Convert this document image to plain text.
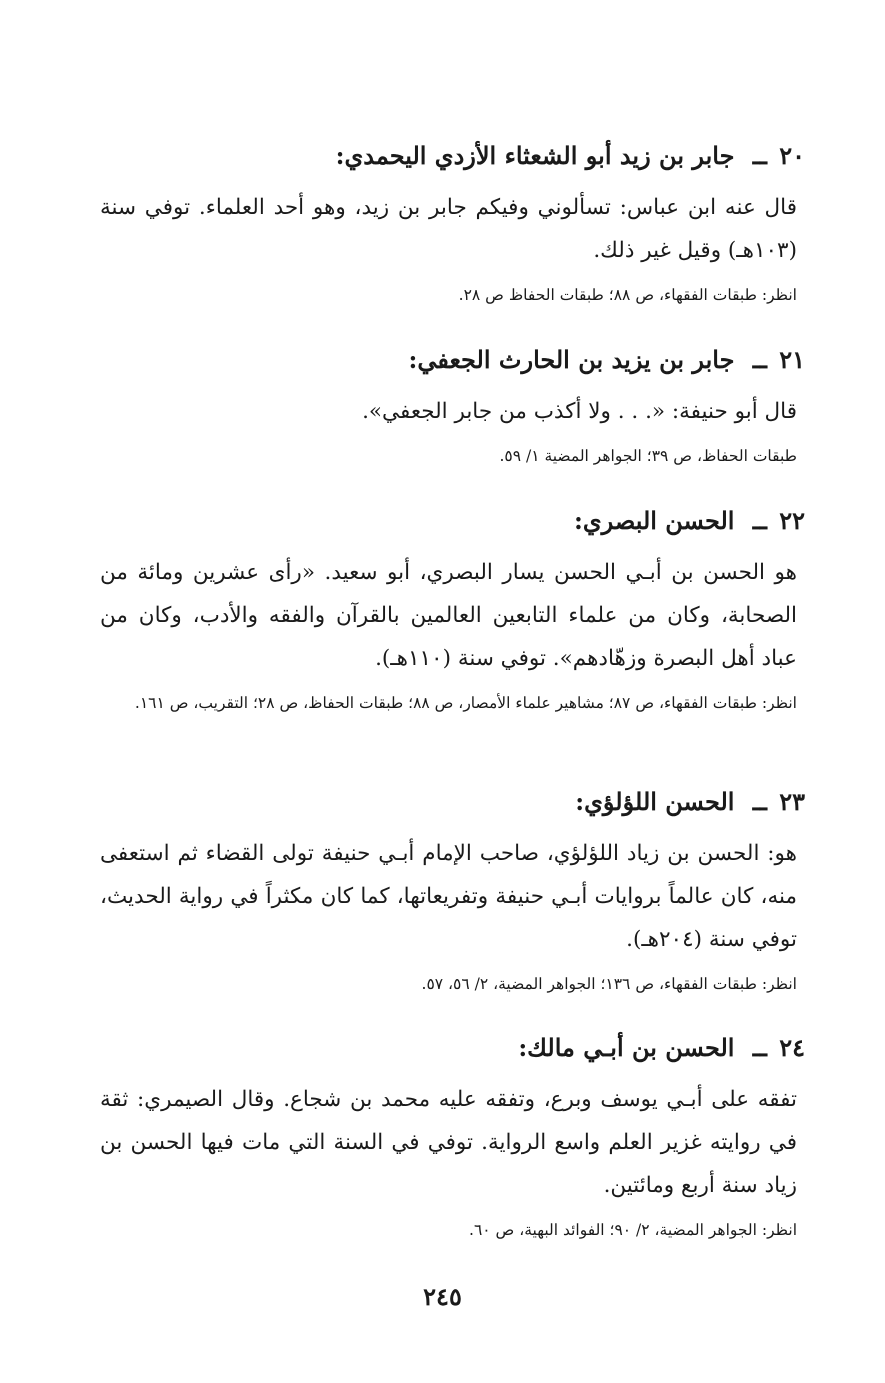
٢٠ ــ جابر بن زيد أبو الشعثاء الأزدي اليحمدي:
قال عنه ابن عباس: تسألوني وفيكم جابر بن زيد، وهو أحد العلماء. توفي سنة (١٠٣هـ) وقيل غير ذلك.
انظر: طبقات الفقهاء، ص ٨٨؛ طبقات الحفاظ ص ٢٨.
٢١ ــ جابر بن يزيد بن الحارث الجعفي:
قال أبو حنيفة: «. . . ولا أكذب من جابر الجعفي».
طبقات الحفاظ، ص ٣٩؛ الجواهر المضية ١/ ٥٩.
٢٢ ــ الحسن البصري:
هو الحسن بن أبـي الحسن يسار البصري، أبو سعيد. «رأى عشرين ومائة من الصحابة، وكان من علماء التابعين العالمين بالقرآن والفقه والأدب، وكان من عباد أهل البصرة وزهّادهم». توفي سنة (١١٠هـ).
انظر: طبقات الفقهاء، ص ٨٧؛ مشاهير علماء الأمصار، ص ٨٨؛ طبقات الحفاظ، ص ٢٨؛ التقريب، ص ١٦١.
٢٣ ــ الحسن اللؤلؤي:
هو: الحسن بن زياد اللؤلؤي، صاحب الإمام أبـي حنيفة تولى القضاء ثم استعفى منه، كان عالماً بروايات أبـي حنيفة وتفريعاتها، كما كان مكثراً في رواية الحديث، توفي سنة (٢٠٤هـ).
انظر: طبقات الفقهاء، ص ١٣٦؛ الجواهر المضية، ٢/ ٥٦، ٥٧.
٢٤ ــ الحسن بن أبـي مالك:
تفقه على أبـي يوسف وبرع، وتفقه عليه محمد بن شجاع. وقال الصيمري: ثقة في روايته غزير العلم واسع الرواية. توفي في السنة التي مات فيها الحسن بن زياد سنة أربع ومائتين.
انظر: الجواهر المضية، ٢/ ٩٠؛ الفوائد البهية، ص ٦٠.
٢٤٥
